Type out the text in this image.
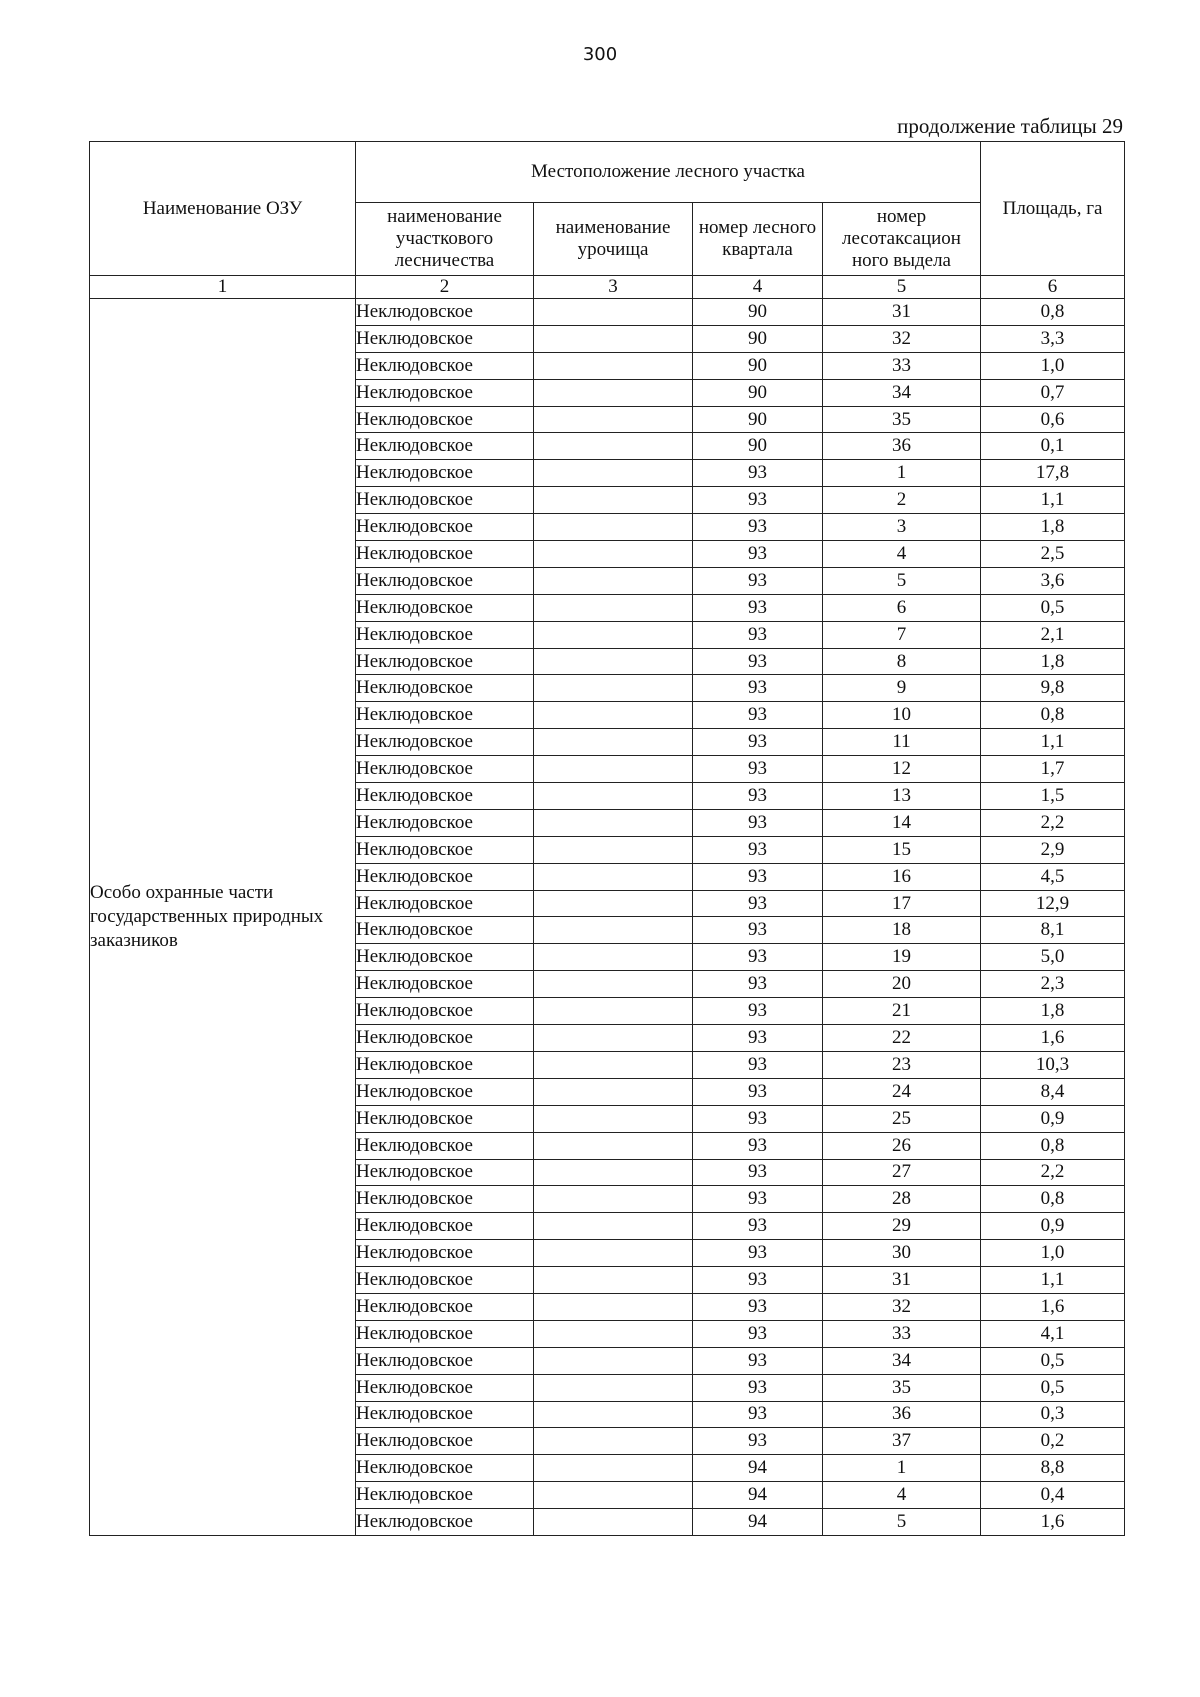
300
продолжение таблицы 29
Наименование ОЗУ	Местоположение лесного участка				Площадь, га
	наименование участкового лесничества	наименование урочища	номер лесного квартала	номер лесотаксацион ного выдела	
1	2	3	4	5	6
Особо охранные части государственных природных заказников	Неклюдовское		90	31	0,8
	Неклюдовское		90	32	3,3
	Неклюдовское		90	33	1,0
	Неклюдовское		90	34	0,7
	Неклюдовское		90	35	0,6
	Неклюдовское		90	36	0,1
	Неклюдовское		93	1	17,8
	Неклюдовское		93	2	1,1
	Неклюдовское		93	3	1,8
	Неклюдовское		93	4	2,5
	Неклюдовское		93	5	3,6
	Неклюдовское		93	6	0,5
	Неклюдовское		93	7	2,1
	Неклюдовское		93	8	1,8
	Неклюдовское		93	9	9,8
	Неклюдовское		93	10	0,8
	Неклюдовское		93	11	1,1
	Неклюдовское		93	12	1,7
	Неклюдовское		93	13	1,5
	Неклюдовское		93	14	2,2
	Неклюдовское		93	15	2,9
	Неклюдовское		93	16	4,5
	Неклюдовское		93	17	12,9
	Неклюдовское		93	18	8,1
	Неклюдовское		93	19	5,0
	Неклюдовское		93	20	2,3
	Неклюдовское		93	21	1,8
	Неклюдовское		93	22	1,6
	Неклюдовское		93	23	10,3
	Неклюдовское		93	24	8,4
	Неклюдовское		93	25	0,9
	Неклюдовское		93	26	0,8
	Неклюдовское		93	27	2,2
	Неклюдовское		93	28	0,8
	Неклюдовское		93	29	0,9
	Неклюдовское		93	30	1,0
	Неклюдовское		93	31	1,1
	Неклюдовское		93	32	1,6
	Неклюдовское		93	33	4,1
	Неклюдовское		93	34	0,5
	Неклюдовское		93	35	0,5
	Неклюдовское		93	36	0,3
	Неклюдовское		93	37	0,2
	Неклюдовское		94	1	8,8
	Неклюдовское		94	4	0,4
	Неклюдовское		94	5	1,6
